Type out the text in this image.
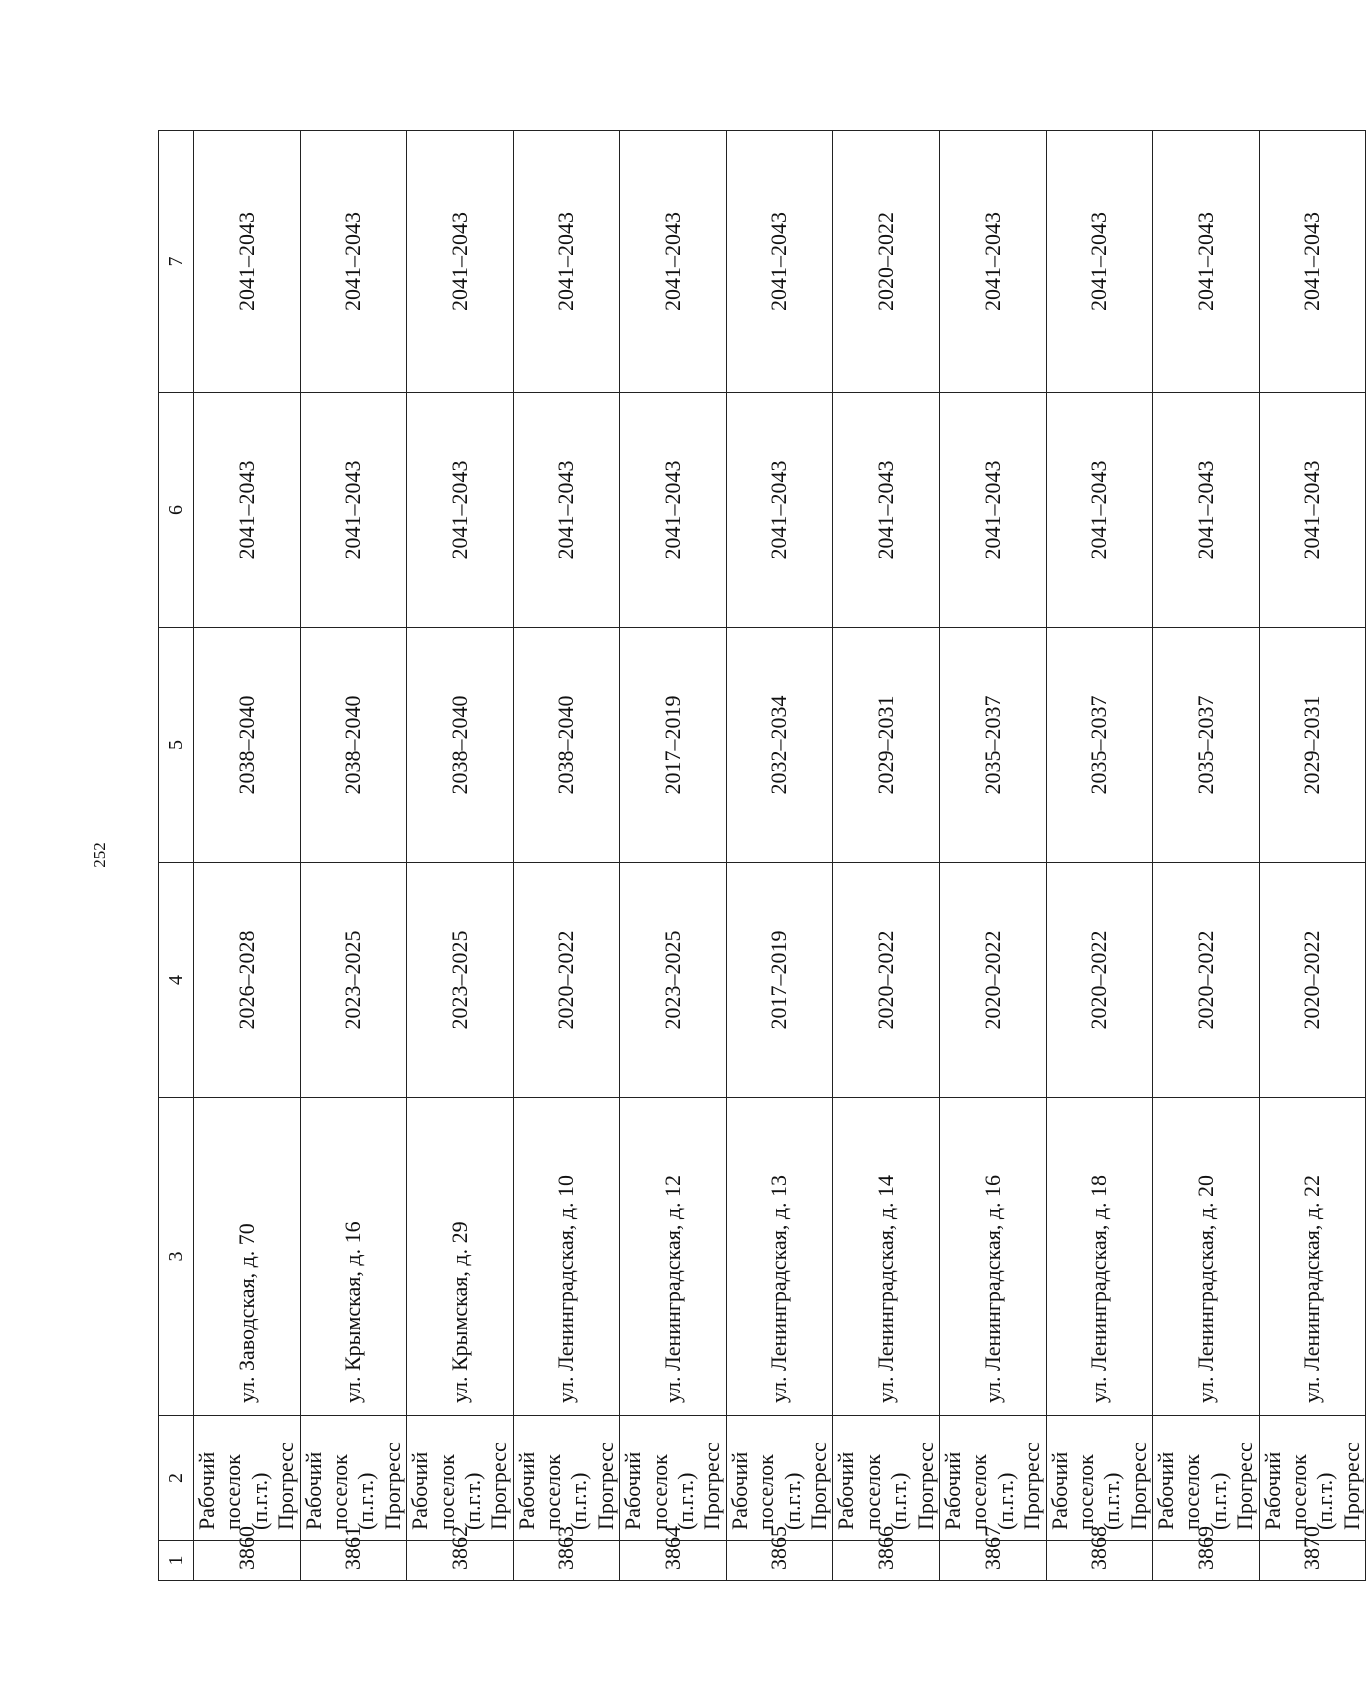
252
1	2	3	4	5	6	7
3860	Рабочий поселок (п.г.т.) Прогресс	ул. Заводская, д. 70	2026–2028	2038–2040	2041–2043	2041–2043
3861	Рабочий поселок (п.г.т.) Прогресс	ул. Крымская, д. 16	2023–2025	2038–2040	2041–2043	2041–2043
3862	Рабочий поселок (п.г.т.) Прогресс	ул. Крымская, д. 29	2023–2025	2038–2040	2041–2043	2041–2043
3863	Рабочий поселок (п.г.т.) Прогресс	ул. Ленинградская, д. 10	2020–2022	2038–2040	2041–2043	2041–2043
3864	Рабочий поселок (п.г.т.) Прогресс	ул. Ленинградская, д. 12	2023–2025	2017–2019	2041–2043	2041–2043
3865	Рабочий поселок (п.г.т.) Прогресс	ул. Ленинградская, д. 13	2017–2019	2032–2034	2041–2043	2041–2043
3866	Рабочий поселок (п.г.т.) Прогресс	ул. Ленинградская, д. 14	2020–2022	2029–2031	2041–2043	2020–2022
3867	Рабочий поселок (п.г.т.) Прогресс	ул. Ленинградская, д. 16	2020–2022	2035–2037	2041–2043	2041–2043
3868	Рабочий поселок (п.г.т.) Прогресс	ул. Ленинградская, д. 18	2020–2022	2035–2037	2041–2043	2041–2043
3869	Рабочий поселок (п.г.т.) Прогресс	ул. Ленинградская, д. 20	2020–2022	2035–2037	2041–2043	2041–2043
3870	Рабочий поселок (п.г.т.) Прогресс	ул. Ленинградская, д. 22	2020–2022	2029–2031	2041–2043	2041–2043
